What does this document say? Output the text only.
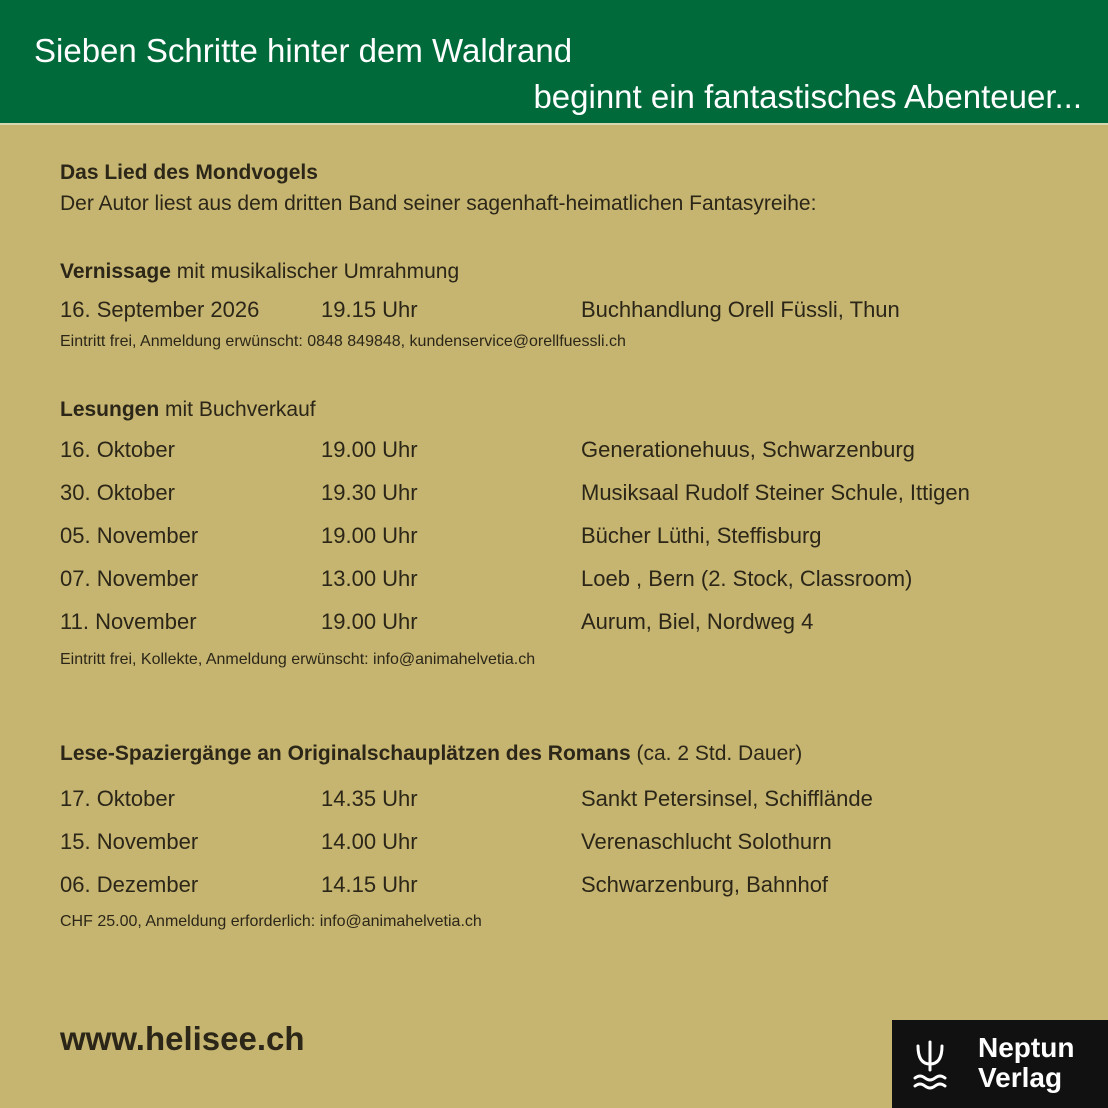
Sieben Schritte hinter dem Waldrand
beginnt ein fantastisches Abenteuer...
Das Lied des Mondvogels
Der Autor liest aus dem dritten Band seiner sagenhaft-heimatlichen Fantasyreihe:
Vernissage mit musikalischer Umrahmung
16. September 2026	19.15 Uhr	Buchhandlung Orell Füssli, Thun
Eintritt frei, Anmeldung erwünscht: 0848 849848, kundenservice@orellfuessli.ch
Lesungen mit Buchverkauf
16. Oktober	19.00 Uhr	Generationehuus, Schwarzenburg
30. Oktober	19.30 Uhr	Musiksaal Rudolf Steiner Schule, Ittigen
05. November	19.00 Uhr	Bücher Lüthi, Steffisburg
07. November	13.00 Uhr	Loeb , Bern (2. Stock, Classroom)
11. November	19.00 Uhr	Aurum, Biel, Nordweg 4
Eintritt frei, Kollekte, Anmeldung erwünscht: info@animahelvetia.ch
Lese-Spaziergänge an Originalschauplätzen des Romans (ca. 2 Std. Dauer)
17. Oktober	14.35 Uhr	Sankt Petersinsel, Schifflände
15. November	14.00 Uhr	Verenaschlucht Solothurn
06. Dezember	14.15 Uhr	Schwarzenburg, Bahnhof
CHF 25.00, Anmeldung erforderlich: info@animahelvetia.ch
www.helisee.ch	Neptun
Verlag
